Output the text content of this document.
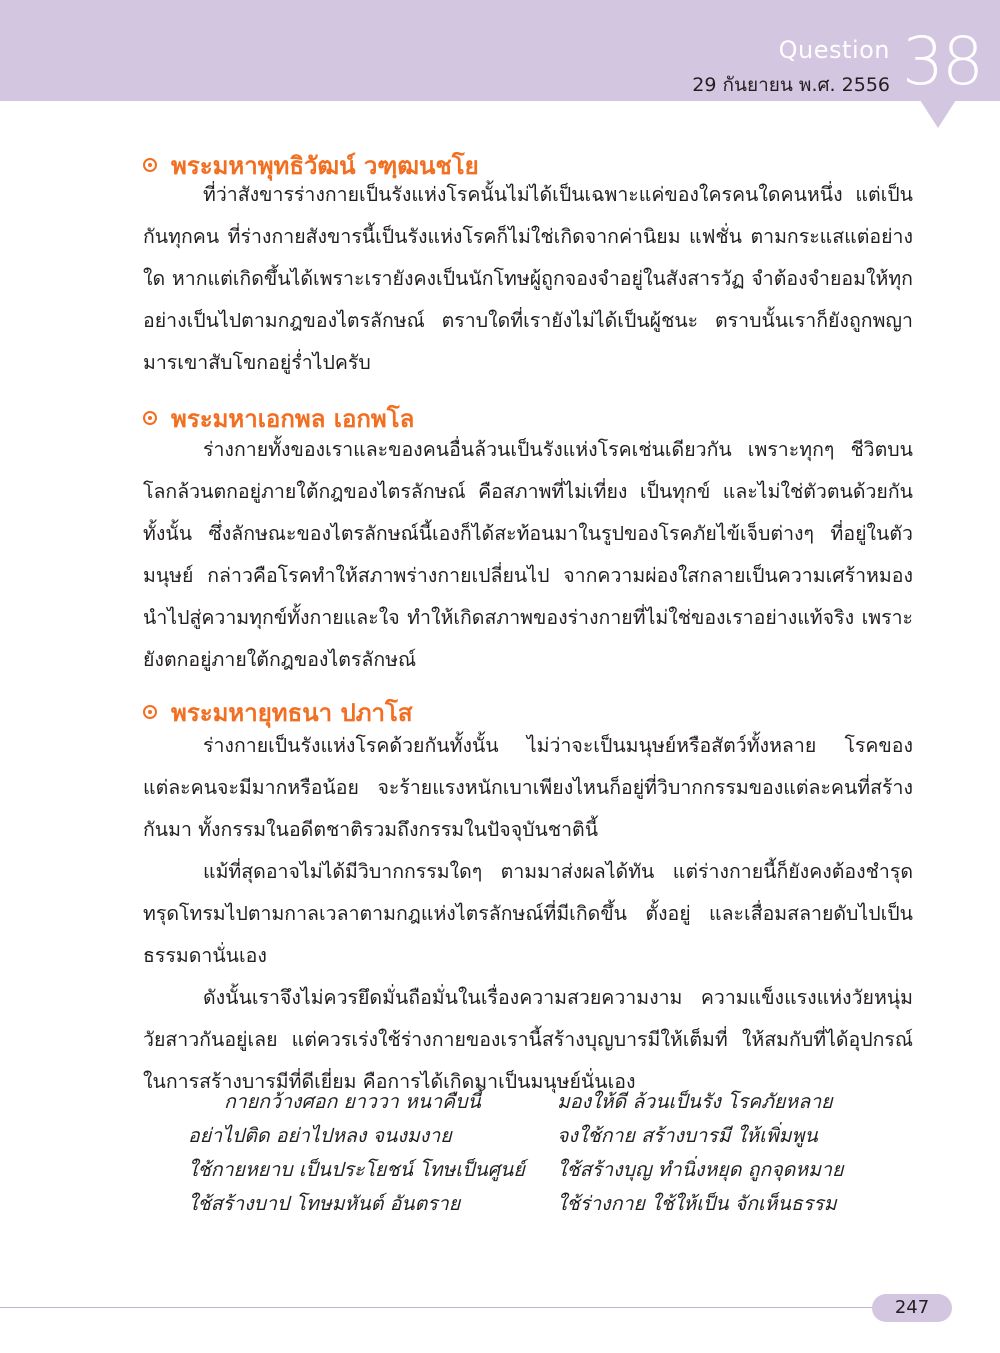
Question
29 กันยายน พ.ศ. 2556 38
พระมหาพุทธิวัฒน์ วฑฺฒนชโย

ที่ว่าสังขารร่างกายเป็นรังแห่งโรคนั้นไม่ได้เป็นเฉพาะแค่ของใครคนใดคนหนึ่ง แต่เป็นกันทุกคน ที่ร่างกายสังขารนี้เป็นรังแห่งโรคก็ไม่ใช่เกิดจากค่านิยม แฟชั่น ตามกระแสแต่อย่างใด หากแต่เกิดขึ้นได้เพราะเรายังคงเป็นนักโทษผู้ถูกจองจำอยู่ในสังสารวัฏ จำต้องจำยอมให้ทุกอย่างเป็นไปตามกฎของไตรลักษณ์ ตราบใดที่เรายังไม่ได้เป็นผู้ชนะ ตราบนั้นเราก็ยังถูกพญามารเขาสับโขกอยู่ร่ำไปครับ

พระมหาเอกพล เอกพโล

ร่างกายทั้งของเราและของคนอื่นล้วนเป็นรังแห่งโรคเช่นเดียวกัน เพราะทุกๆ ชีวิตบนโลกล้วนตกอยู่ภายใต้กฎของไตรลักษณ์ คือสภาพที่ไม่เที่ยง เป็นทุกข์ และไม่ใช่ตัวตนด้วยกันทั้งนั้น ซึ่งลักษณะของไตรลักษณ์นี้เองก็ได้สะท้อนมาในรูปของโรคภัยไข้เจ็บต่างๆ ที่อยู่ในตัวมนุษย์ กล่าวคือโรคทำให้สภาพร่างกายเปลี่ยนไป จากความผ่องใสกลายเป็นความเศร้าหมอง นำไปสู่ความทุกข์ทั้งกายและใจ ทำให้เกิดสภาพของร่างกายที่ไม่ใช่ของเราอย่างแท้จริง เพราะยังตกอยู่ภายใต้กฎของไตรลักษณ์

พระมหายุทธนา ปภาโส

ร่างกายเป็นรังแห่งโรคด้วยกันทั้งนั้น ไม่ว่าจะเป็นมนุษย์หรือสัตว์ทั้งหลาย โรคของแต่ละคนจะมีมากหรือน้อย จะร้ายแรงหนักเบาเพียงไหนก็อยู่ที่วิบากกรรมของแต่ละคนที่สร้างกันมา ทั้งกรรมในอดีตชาติรวมถึงกรรมในปัจจุบันชาตินี้

แม้ที่สุดอาจไม่ได้มีวิบากกรรมใดๆ ตามมาส่งผลได้ทัน แต่ร่างกายนี้ก็ยังคงต้องชำรุดทรุดโทรมไปตามกาลเวลาตามกฎแห่งไตรลักษณ์ที่มีเกิดขึ้น ตั้งอยู่ และเสื่อมสลายดับไปเป็นธรรมดานั่นเอง

ดังนั้นเราจึงไม่ควรยึดมั่นถือมั่นในเรื่องความสวยความงาม ความแข็งแรงแห่งวัยหนุ่มวัยสาวกันอยู่เลย แต่ควรเร่งใช้ร่างกายของเรานี้สร้างบุญบารมีให้เต็มที่ ให้สมกับที่ได้อุปกรณ์ในการสร้างบารมีที่ดีเยี่ยม คือการได้เกิดมาเป็นมนุษย์นั่นเอง

กายกว้างศอก ยาววา หนาคืบนี้
อย่าไปติด อย่าไปหลง จนงมงาย
ใช้กายหยาบ เป็นประโยชน์ โทษเป็นศูนย์
ใช้สร้างบาป โทษมหันต์ อันตราย
มองให้ดี ล้วนเป็นรัง โรคภัยหลาย
จงใช้กาย สร้างบารมี ให้เพิ่มพูน
ใช้สร้างบุญ ทำนิ่งหยุด ถูกจุดหมาย
ใช้ร่างกาย ใช้ให้เป็น จักเห็นธรรม
247
